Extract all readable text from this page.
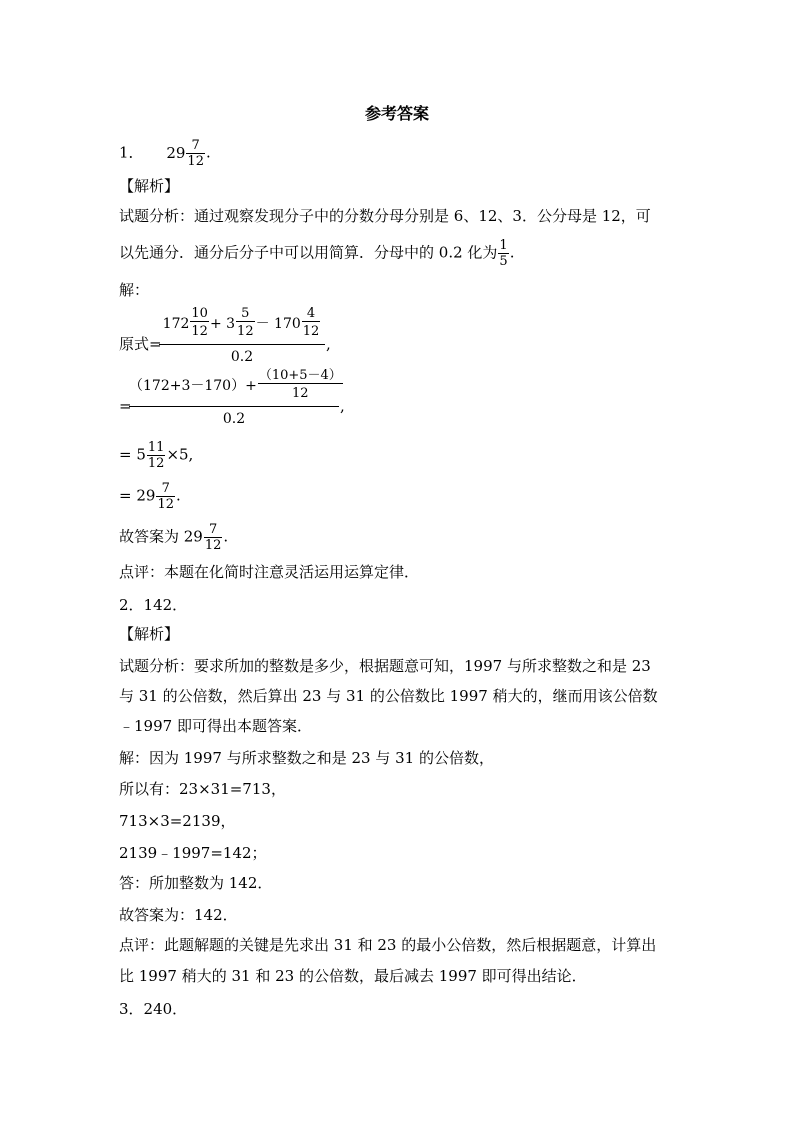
参考答案
1． $29 \frac{7}{12}$ .
【解析】
试题分析：通过观察发现分子中的分数分母分别是 6、12、3．公分母是 12，可
以先通分．通分后分子中可以用简算．分母中的 0.2 化为 $\frac{1}{5}$ .
解：
原式=
$172 \frac{10}{12} + 3 \frac{5}{12} - 170 \frac{4}{12}$
0.2
,
=
$(172+3-170)+ \frac{(10+5-4)}{12}$
0.2
,
= $5 \frac{11}{12} \times 5$,
= $29 \frac{7}{12}$ .
故答案为 $29 \frac{7}{12}$ .
点评：本题在化简时注意灵活运用运算定律．
2．142．
【解析】
试题分析：要求所加的整数是多少，根据题意可知，1997 与所求整数之和是 23
与 31 的公倍数，然后算出 23 与 31 的公倍数比 1997 稍大的，继而用该公倍数
﹣1997 即可得出本题答案．
解：因为 1997 与所求整数之和是 23 与 31 的公倍数，
所以有：23×31=713，
713×3=2139，
2139﹣1997=142；
答：所加整数为 142．
故答案为：142．
点评：此题解题的关键是先求出 31 和 23 的最小公倍数，然后根据题意，计算出
比 1997 稍大的 31 和 23 的公倍数，最后减去 1997 即可得出结论．
3．240．
